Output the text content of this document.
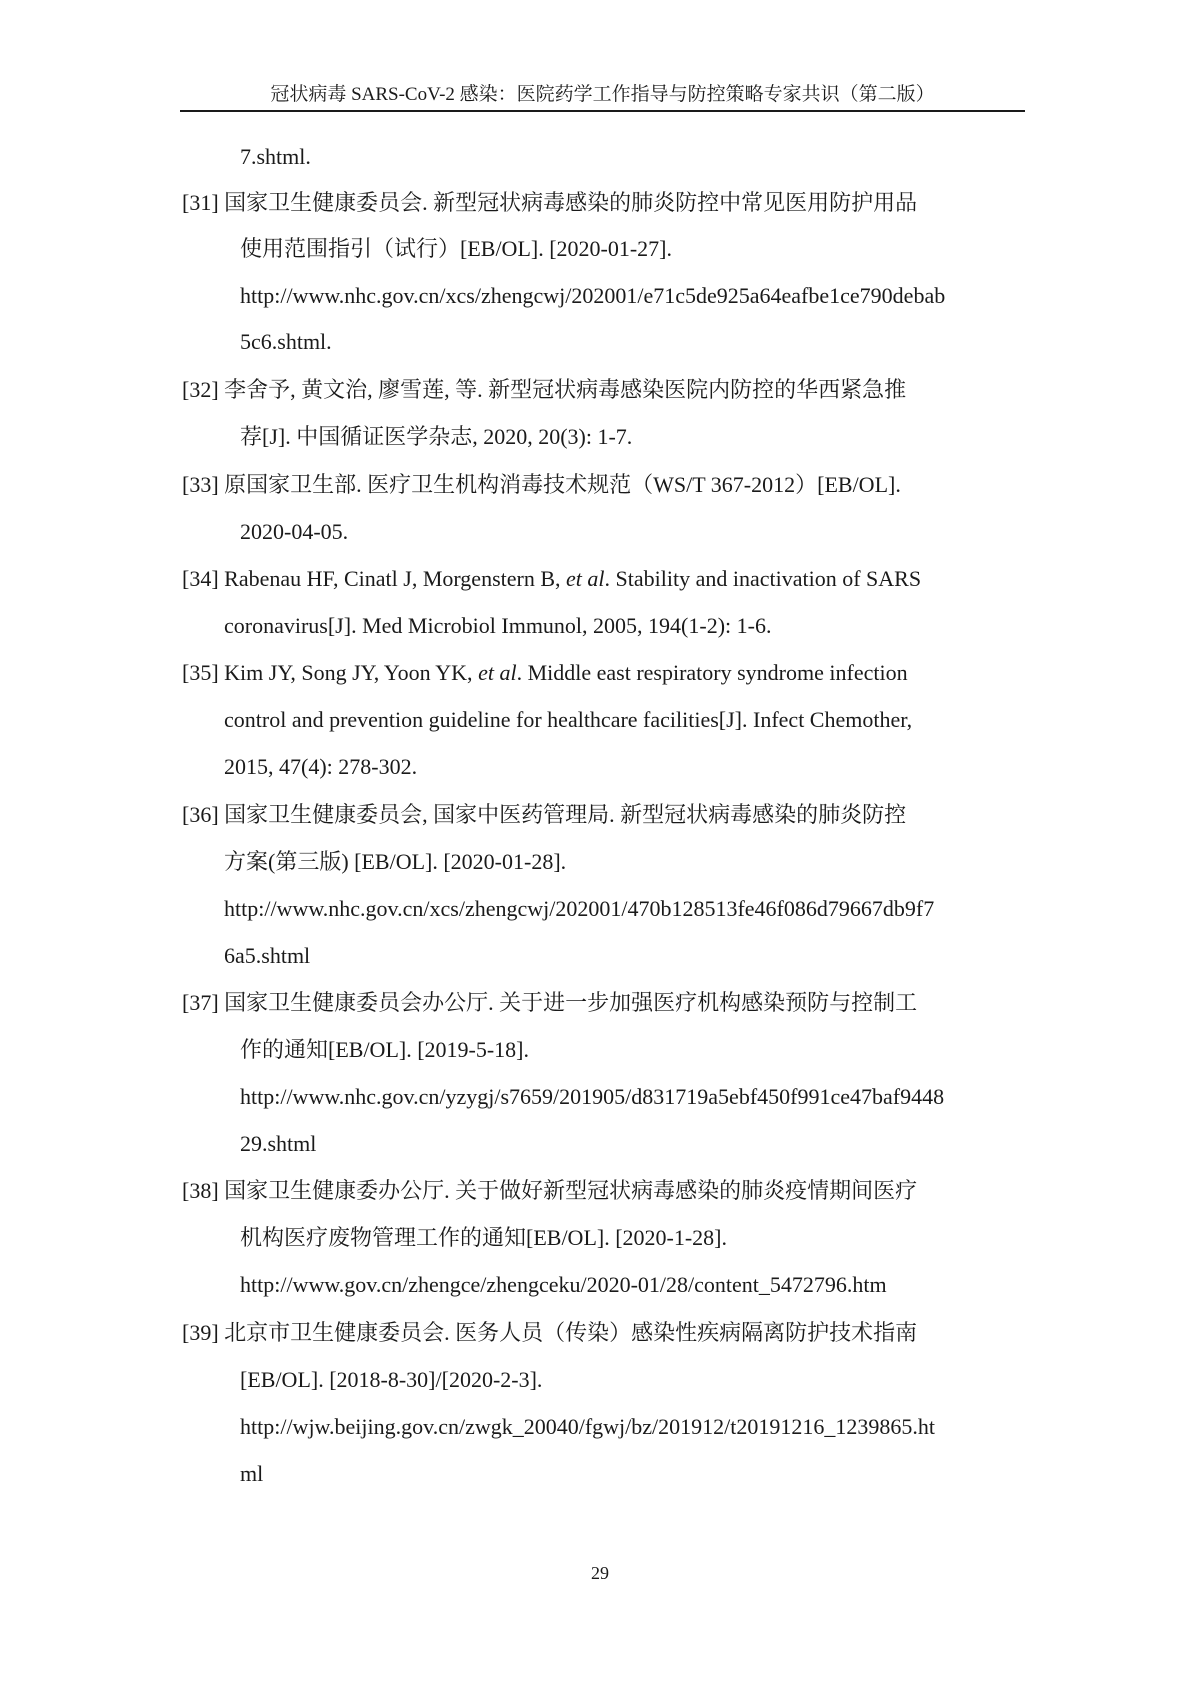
冠状病毒 SARS-CoV-2 感染：医院药学工作指导与防控策略专家共识（第二版）
7.shtml.
[31] 国家卫生健康委员会. 新型冠状病毒感染的肺炎防控中常见医用防护用品
使用范围指引（试行）[EB/OL]. [2020-01-27].
http://www.nhc.gov.cn/xcs/zhengcwj/202001/e71c5de925a64eafbe1ce790debab
5c6.shtml.
[32] 李舍予, 黄文治, 廖雪莲, 等. 新型冠状病毒感染医院内防控的华西紧急推
荐[J]. 中国循证医学杂志, 2020, 20(3): 1-7.
[33] 原国家卫生部. 医疗卫生机构消毒技术规范（WS/T 367-2012）[EB/OL].
2020-04-05.
[34] Rabenau HF, Cinatl J, Morgenstern B, et al. Stability and inactivation of SARS
coronavirus[J]. Med Microbiol Immunol, 2005, 194(1-2): 1-6.
[35] Kim JY, Song JY, Yoon YK, et al. Middle east respiratory syndrome infection
control and prevention guideline for healthcare facilities[J]. Infect Chemother,
2015, 47(4): 278-302.
[36] 国家卫生健康委员会, 国家中医药管理局. 新型冠状病毒感染的肺炎防控
方案(第三版) [EB/OL]. [2020-01-28].
http://www.nhc.gov.cn/xcs/zhengcwj/202001/470b128513fe46f086d79667db9f7
6a5.shtml
[37] 国家卫生健康委员会办公厅. 关于进一步加强医疗机构感染预防与控制工
作的通知[EB/OL]. [2019-5-18].
http://www.nhc.gov.cn/yzygj/s7659/201905/d831719a5ebf450f991ce47baf9448
29.shtml
[38] 国家卫生健康委办公厅. 关于做好新型冠状病毒感染的肺炎疫情期间医疗
机构医疗废物管理工作的通知[EB/OL]. [2020-1-28].
http://www.gov.cn/zhengce/zhengceku/2020-01/28/content_5472796.htm
[39] 北京市卫生健康委员会. 医务人员（传染）感染性疾病隔离防护技术指南
[EB/OL]. [2018-8-30]/[2020-2-3].
http://wjw.beijing.gov.cn/zwgk_20040/fgwj/bz/201912/t20191216_1239865.ht
ml
29
